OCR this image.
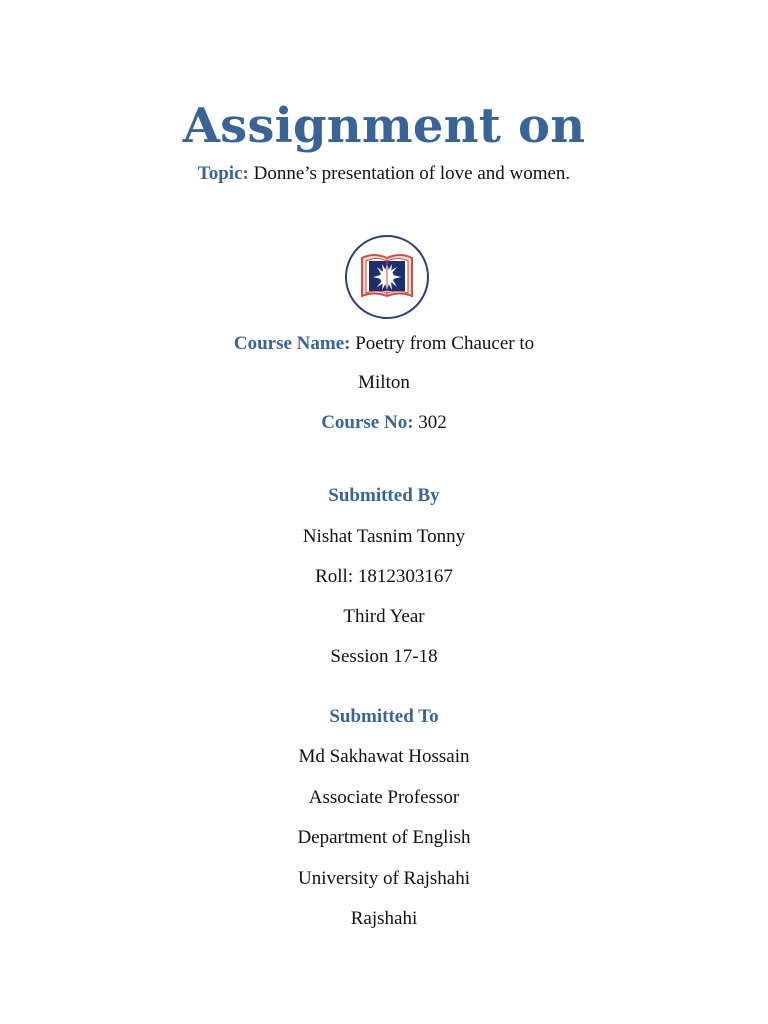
Assignment on
Topic: Donne’s presentation of love and women.
Course Name: Poetry from Chaucer to
Milton
Course No: 302
Submitted By
Nishat Tasnim Tonny
Roll: 1812303167
Third Year
Session 17-18
Submitted To
Md Sakhawat Hossain
Associate Professor
Department of English
University of Rajshahi
Rajshahi
